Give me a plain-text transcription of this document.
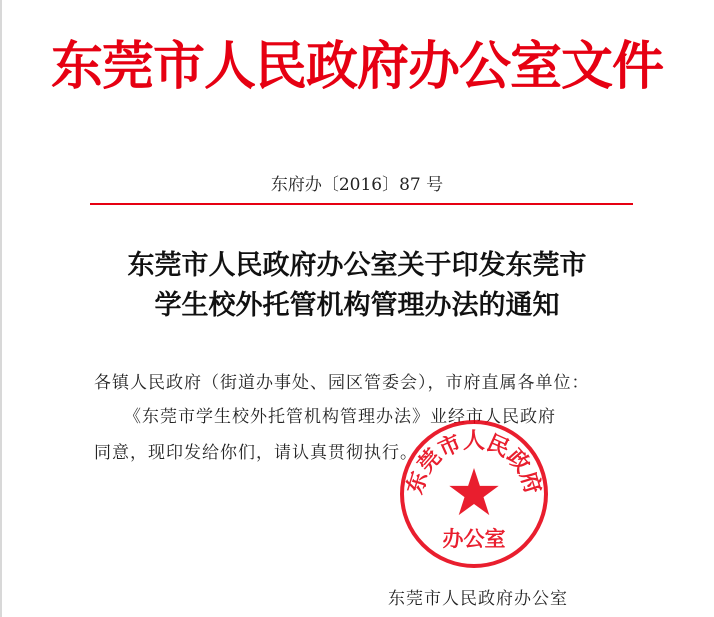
东莞市人民政府办公室文件
东府办〔2016〕87 号
东莞市人民政府办公室关于印发东莞市
学生校外托管机构管理办法的通知
各镇人民政府（街道办事处、园区管委会），市府直属各单位：
《东莞市学生校外托管机构管理办法》业经市人民政府
同意，现印发给你们，请认真贯彻执行。
东莞市人民政府
办公室
东莞市人民政府办公室
